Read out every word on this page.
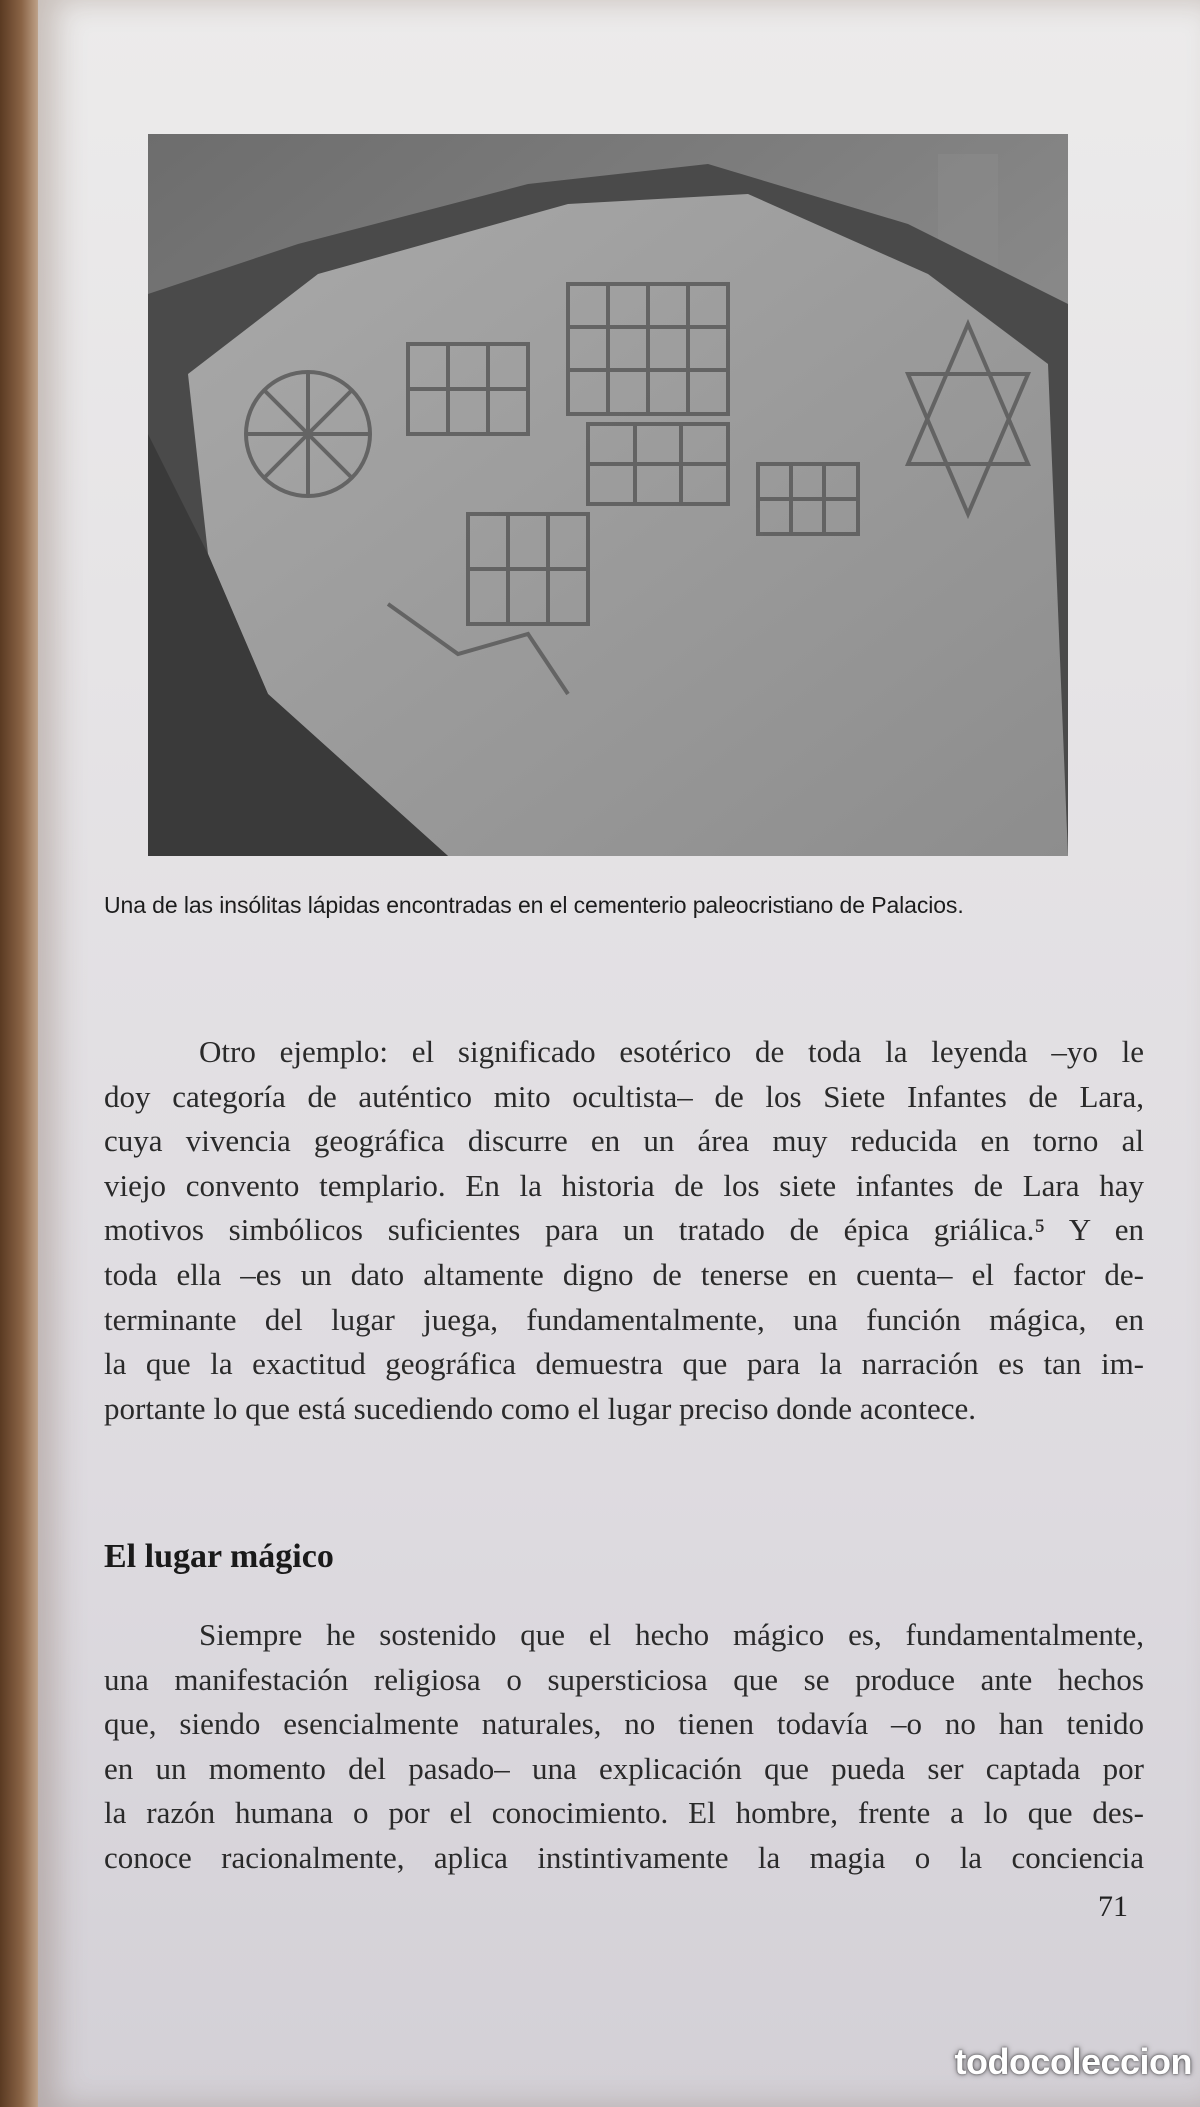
Una de las insólitas lápidas encontradas en el cementerio paleocristiano de Palacios.
Otro ejemplo: el significado esotérico de toda la leyenda –yo le
doy categoría de auténtico mito ocultista– de los Siete Infantes de Lara,
cuya vivencia geográfica discurre en un área muy reducida en torno al
viejo convento templario. En la historia de los siete infantes de Lara hay
motivos simbólicos suficientes para un tratado de épica griálica.⁵ Y en
toda ella –es un dato altamente digno de tenerse en cuenta– el factor de-
terminante del lugar juega, fundamentalmente, una función mágica, en
la que la exactitud geográfica demuestra que para la narración es tan im-
portante lo que está sucediendo como el lugar preciso donde acontece.
El lugar mágico
Siempre he sostenido que el hecho mágico es, fundamentalmente,
una manifestación religiosa o supersticiosa que se produce ante hechos
que, siendo esencialmente naturales, no tienen todavía –o no han tenido
en un momento del pasado– una explicación que pueda ser captada por
la razón humana o por el conocimiento. El hombre, frente a lo que des-
conoce racionalmente, aplica instintivamente la magia o la conciencia
71
todocoleccion
